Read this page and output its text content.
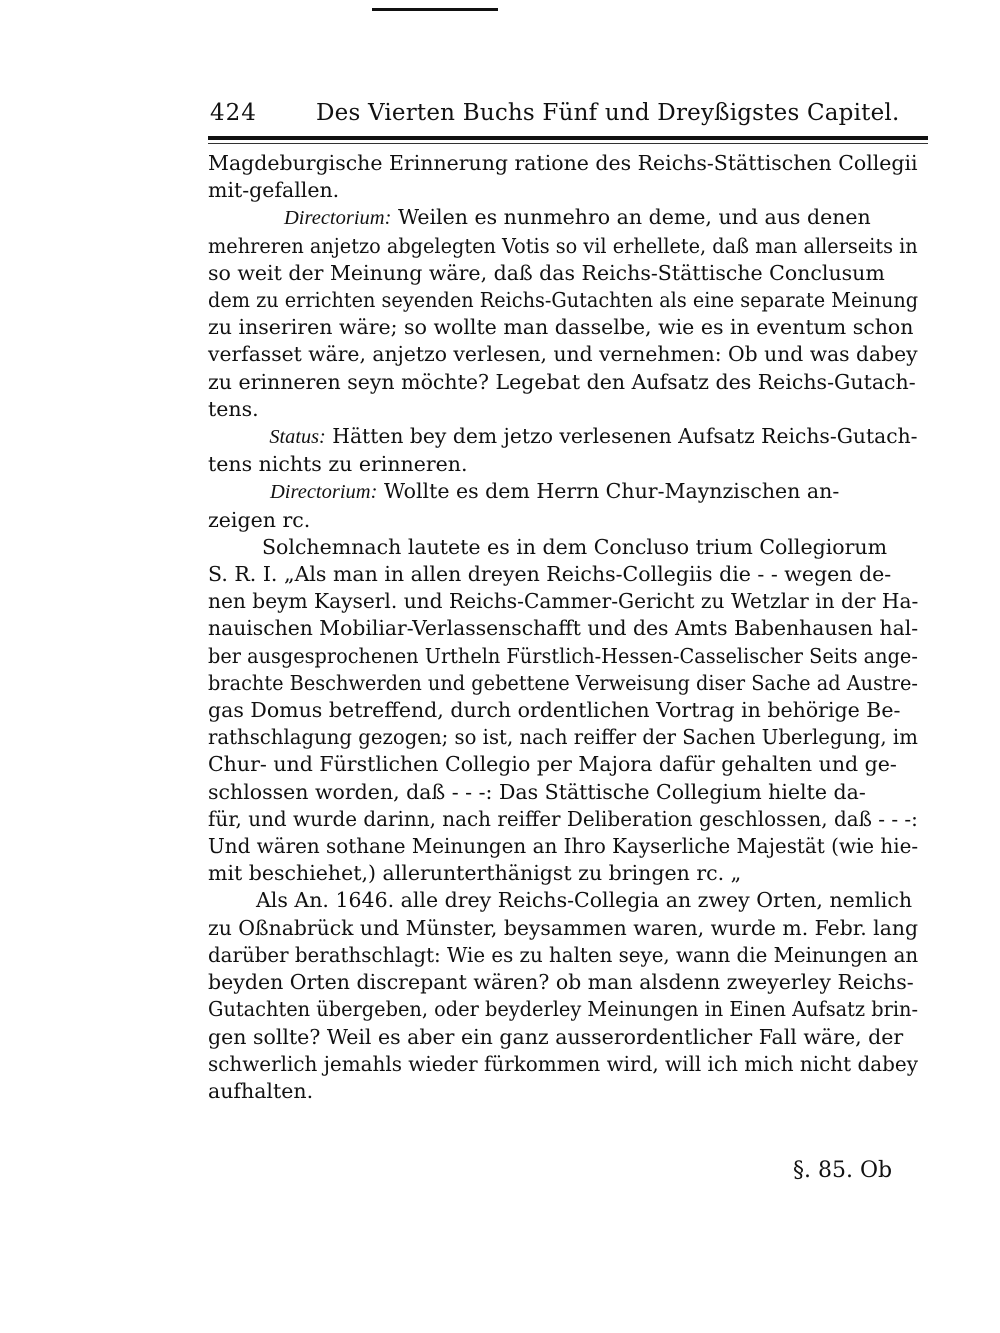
424	Des Vierten Buchs Fünf und Dreyßigstes Capitel.
Magdeburgische Erinnerung ratione des Reichs-Stättischen Collegii
mit-gefallen.
Directorium: Weilen es nunmehro an deme, und aus denen
mehreren anjetzo abgelegten Votis so vil erhellete, daß man allerseits in
so weit der Meinung wäre, daß das Reichs-Stättische Conclusum
dem zu errichten seyenden Reichs-Gutachten als eine separate Meinung
zu inseriren wäre; so wollte man dasselbe, wie es in eventum schon
verfasset wäre, anjetzo verlesen, und vernehmen: Ob und was dabey
zu erinneren seyn möchte? Legebat den Aufsatz des Reichs-Gutach-
tens.
Status: Hätten bey dem jetzo verlesenen Aufsatz Reichs-Gutach-
tens nichts zu erinneren.
Directorium: Wollte es dem Herrn Chur-Maynzischen an-
zeigen rc.
Solchemnach lautete es in dem Concluso trium Collegiorum
S. R. I. „Als man in allen dreyen Reichs-Collegiis die - - wegen de-
nen beym Kayserl. und Reichs-Cammer-Gericht zu Wetzlar in der Ha-
nauischen Mobiliar-Verlassenschafft und des Amts Babenhausen hal-
ber ausgesprochenen Urtheln Fürstlich-Hessen-Casselischer Seits ange-
brachte Beschwerden und gebettene Verweisung diser Sache ad Austre-
gas Domus betreffend, durch ordentlichen Vortrag in behörige Be-
rathschlagung gezogen; so ist, nach reiffer der Sachen Uberlegung, im
Chur- und Fürstlichen Collegio per Majora dafür gehalten und ge-
schlossen worden, daß - - -: Das Stättische Collegium hielte da-
für, und wurde darinn, nach reiffer Deliberation geschlossen, daß - - -:
Und wären sothane Meinungen an Ihro Kayserliche Majestät (wie hie-
mit beschiehet,) allerunterthänigst zu bringen rc. „
Als An. 1646. alle drey Reichs-Collegia an zwey Orten, nemlich
zu Oßnabrück und Münster, beysammen waren, wurde m. Febr. lang
darüber berathschlagt: Wie es zu halten seye, wann die Meinungen an
beyden Orten discrepant wären? ob man alsdenn zweyerley Reichs-
Gutachten übergeben, oder beyderley Meinungen in Einen Aufsatz brin-
gen sollte? Weil es aber ein ganz ausserordentlicher Fall wäre, der
schwerlich jemahls wieder fürkommen wird, will ich mich nicht dabey
aufhalten.
§. 85. Ob
